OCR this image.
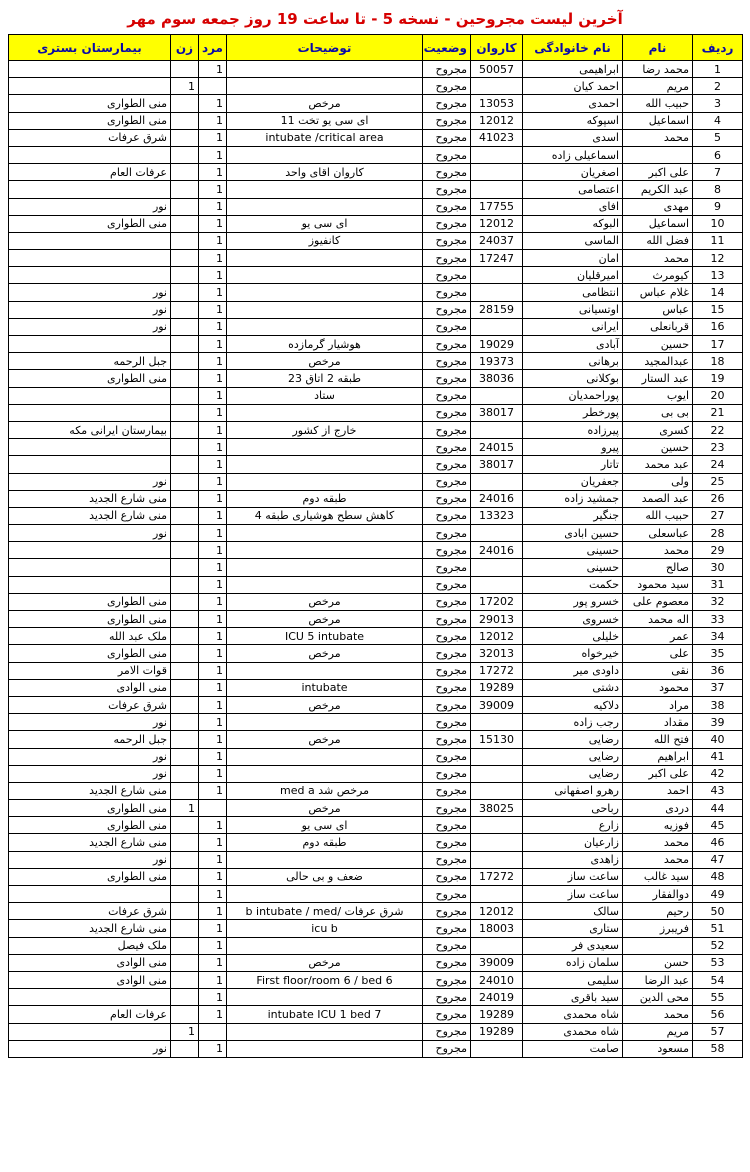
آخرین لیست مجروحین - نسخه 5 - تا ساعت 19 روز جمعه سوم مهر
ردیف	نام	نام خانوادگی	کاروان	وضعیت	توضیحات	مرد	زن	بیمارستان بستری
1	محمد رضا	ابراهیمی	50057	مجروح		1		
2	مریم	احمد کیان		مجروح			1	
3	حبیب الله	احمدی	13053	مجروح	مرخص	1		منی الطواری
4	اسماعیل	اسپوکه	12012	مجروح	ای سی یو تخت 11	1		منی الطواری
5	محمد	اسدی	41023	مجروح	intubate /critical area	1		شرق عرفات
6		اسماعیلی زاده		مجروح		1		
7	علی اکبر	اصغریان		مجروح	کاروان اقای واحد	1		عرفات العام
8	عبد الکریم	اعتصامی		مجروح		1		
9	مهدی	افای	17755	مجروح		1		نور
10	اسماعیل	البوکه	12012	مجروح	ای سی یو	1		منی الطواری
11	فضل الله	الماسی	24037	مجروح	کانفیوز	1		
12	محمد	امان	17247	مجروح		1		
13	کیومرث	امیرقلیان		مجروح		1		
14	غلام عباس	انتظامی		مجروح		1		نور
15	عباس	اوتسیانی	28159	مجروح		1		نور
16	قربانعلی	ایرانی		مجروح		1		نور
17	حسین	آبادی	19029	مجروح	هوشیار گرمازده	1		
18	عبدالمجید	برهانی	19373	مجروح	مرخص	1		جبل الرحمه
19	عبد الستار	بوکلانی	38036	مجروح	طبقه 2 اتاق 23	1		منی الطواری
20	ایوب	پوراحمدیان		مجروح	ستاد	1		
21	بی بی	پورخطر	38017	مجروح		1		
22	کسری	پیرزاده		مجروح	خارج از کشور	1		بیمارستان ایرانی مکه
23	حسین	پیرو	24015	مجروح		1		
24	عبد محمد	تاتار	38017	مجروح		1		
25	ولی	جعفریان		مجروح		1		نور
26	عبد الصمد	جمشید زاده	24016	مجروح	طبقه دوم	1		منی شارع الجدید
27	حبیب الله	جنگیر	13323	مجروح	کاهش سطح هوشیاری طبقه 4	1		منی شارع الجدید
28	عباسعلی	حسین ابادی		مجروح		1		نور
29	محمد	حسینی	24016	مجروح		1		
30	صالح	حسینی		مجروح		1		
31	سید محمود	حکمت		مجروح		1		
32	معصوم علی	خسرو پور	17202	مجروح	مرخص	1		منی الطواری
33	اله محمد	خسروی	29013	مجروح	مرخص	1		منی الطواری
34	عمر	خلیلی	12012	مجروح	ICU 5 intubate	1		ملک عبد الله
35	علی	خیرخواه	32013	مجروح	مرخص	1		منی الطواری
36	نقی	داودی میر	17272	مجروح		1		قوات الامر
37	محمود	دشتی	19289	مجروح	intubate	1		منی الوادی
38	مراد	دلاکیه	39009	مجروح	مرخص	1		شرق عرفات
39	مقداد	رجب زاده		مجروح		1		نور
40	فتح الله	رضایی	15130	مجروح	مرخص	1		جبل الرحمه
41	ابراهیم	رضایی		مجروح		1		نور
42	علی اکبر	رضایی		مجروح		1		نور
43	احمد	رهرو اصفهانی		مجروح	مرخص شد med a	1		منی شارع الجدید
44	دردی	رباحی	38025	مجروح	مرخص		1	منی الطواری
45	فوزیه	زارع		مجروح	ای سی یو	1		منی الطواری
46	محمد	زارعیان		مجروح	طبقه دوم	1		منی شارع الجدید
47	محمد	زاهدی		مجروح		1		نور
48	سید غالب	ساعت ساز	17272	مجروح	ضعف و بی حالی	1		منی الطواری
49	دوالفقار	ساعت ساز		مجروح		1		
50	رحیم	سالک	12012	مجروح	شرق عرفات /b intubate / med	1		شرق عرفات
51	فریبرز	ستاری	18003	مجروح	icu b	1		منی شارع الجدید
52		سعیدی فر		مجروح		1		ملک فیصل
53	حسن	سلمان زاده	39009	مجروح	مرخص	1		منی الوادی
54	عبد الرضا	سلیمی	24010	مجروح	First floor/room 6 / bed 6	1		منی الوادی
55	محی الدین	سید باقری	24019	مجروح		1		
56	محمد	شاه محمدی	19289	مجروح	intubate ICU 1 bed 7	1		عرفات العام
57	مریم	شاه محمدی	19289	مجروح			1	
58	مسعود	صامت		مجروح		1		نور
